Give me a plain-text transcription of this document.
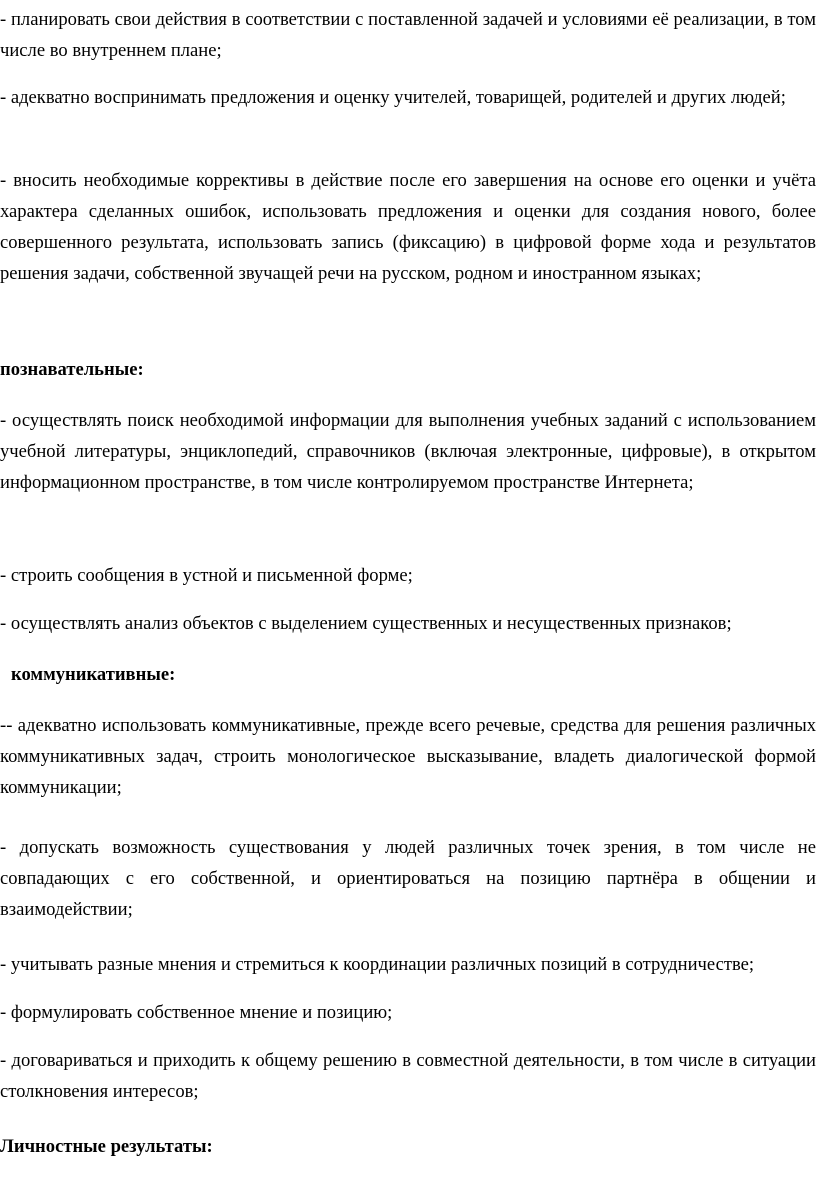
- планировать свои действия в соответствии с поставленной задачей и условиями её реализации, в том числе во внутреннем плане;

- адекватно воспринимать предложения и оценку учителей, товарищей, родителей и других людей;

- вносить необходимые коррективы в действие после его завершения на основе его оценки и учёта характера сделанных ошибок, использовать предложения и оценки для создания нового, более совершенного результата, использовать запись (фиксацию) в цифровой форме хода и результатов решения задачи, собственной звучащей речи на русском, родном и иностранном языках;

познавательные:

- осуществлять поиск необходимой информации для выполнения учебных заданий с использованием учебной литературы, энциклопедий, справочников (включая электронные, цифровые), в открытом информационном пространстве, в том числе контролируемом пространстве Интернета;

- строить сообщения в устной и письменной форме;

- осуществлять анализ объектов с выделением существенных и несущественных признаков;

коммуникативные:

-- адекватно использовать коммуникативные, прежде всего речевые, средства для решения различных коммуникативных задач, строить монологическое высказывание, владеть диалогической формой коммуникации;

- допускать возможность существования у людей различных точек зрения, в том числе не совпадающих с его собственной, и ориентироваться на позицию партнёра в общении и взаимодействии;

- учитывать разные мнения и стремиться к координации различных позиций в сотрудничестве;

- формулировать собственное мнение и позицию;

- договариваться и приходить к общему решению в совместной деятельности, в том числе в ситуации столкновения интересов;

Личностные результаты:
